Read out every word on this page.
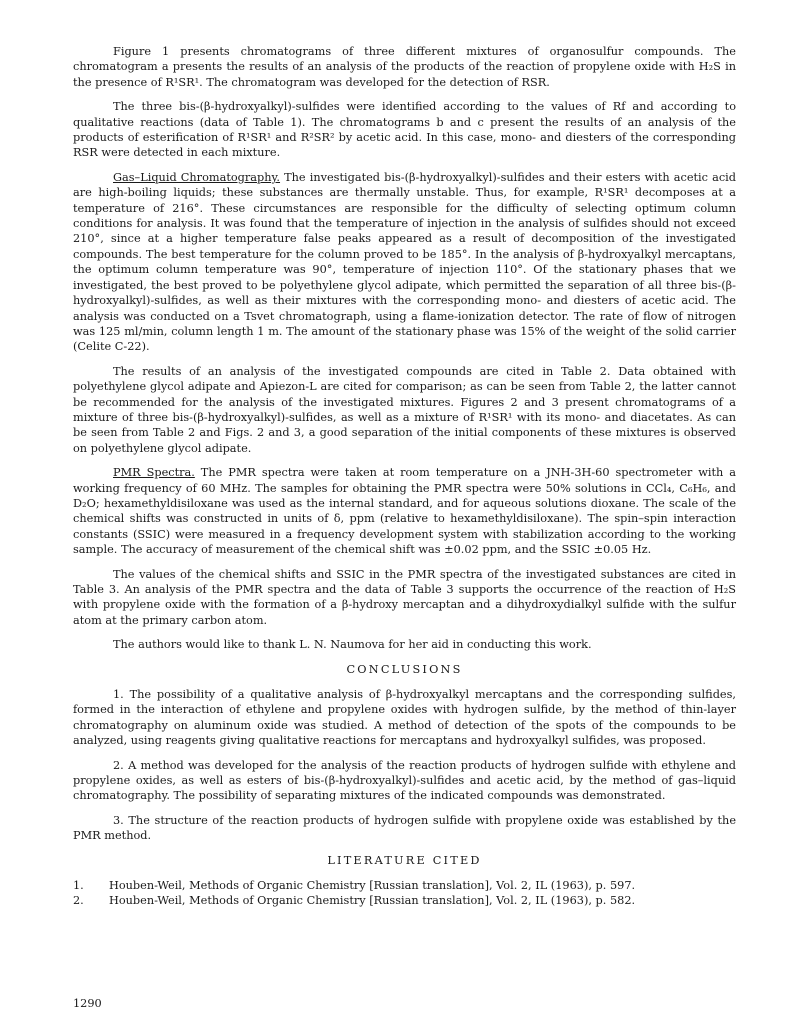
Figure 1 presents chromatograms of three different mixtures of organosulfur compounds. The chromatogram a presents the results of an analysis of the products of the reaction of propylene oxide with H₂S in the presence of R¹SR¹. The chromatogram was developed for the detection of RSR.

The three bis-(β-hydroxyalkyl)-sulfides were identified according to the values of Rf and according to qualitative reactions (data of Table 1). The chromatograms b and c present the results of an analysis of the products of esterification of R¹SR¹ and R²SR² by acetic acid. In this case, mono- and diesters of the corresponding RSR were detected in each mixture.

Gas–Liquid Chromatography. The investigated bis-(β-hydroxyalkyl)-sulfides and their esters with acetic acid are high-boiling liquids; these substances are thermally unstable. Thus, for example, R¹SR¹ decomposes at a temperature of 216°. These circumstances are responsible for the difficulty of selecting optimum column conditions for analysis. It was found that the temperature of injection in the analysis of sulfides should not exceed 210°, since at a higher temperature false peaks appeared as a result of decomposition of the investigated compounds. The best temperature for the column proved to be 185°. In the analysis of β-hydroxyalkyl mercaptans, the optimum column temperature was 90°, temperature of injection 110°. Of the stationary phases that we investigated, the best proved to be polyethylene glycol adipate, which permitted the separation of all three bis-(β-hydroxyalkyl)-sulfides, as well as their mixtures with the corresponding mono- and diesters of acetic acid. The analysis was conducted on a Tsvet chromatograph, using a flame-ionization detector. The rate of flow of nitrogen was 125 ml/min, column length 1 m. The amount of the stationary phase was 15% of the weight of the solid carrier (Celite C-22).

The results of an analysis of the investigated compounds are cited in Table 2. Data obtained with polyethylene glycol adipate and Apiezon-L are cited for comparison; as can be seen from Table 2, the latter cannot be recommended for the analysis of the investigated mixtures. Figures 2 and 3 present chromatograms of a mixture of three bis-(β-hydroxyalkyl)-sulfides, as well as a mixture of R¹SR¹ with its mono- and diacetates. As can be seen from Table 2 and Figs. 2 and 3, a good separation of the initial components of these mixtures is observed on polyethylene glycol adipate.

PMR Spectra. The PMR spectra were taken at room temperature on a JNH-3H-60 spectrometer with a working frequency of 60 MHz. The samples for obtaining the PMR spectra were 50% solutions in CCl₄, C₆H₆, and D₂O; hexamethyldisiloxane was used as the internal standard, and for aqueous solutions dioxane. The scale of the chemical shifts was constructed in units of δ, ppm (relative to hexamethyldisiloxane). The spin–spin interaction constants (SSIC) were measured in a frequency development system with stabilization according to the working sample. The accuracy of measurement of the chemical shift was ±0.02 ppm, and the SSIC ±0.05 Hz.

The values of the chemical shifts and SSIC in the PMR spectra of the investigated substances are cited in Table 3. An analysis of the PMR spectra and the data of Table 3 supports the occurrence of the reaction of H₂S with propylene oxide with the formation of a β-hydroxy mercaptan and a dihydroxydialkyl sulfide with the sulfur atom at the primary carbon atom.

The authors would like to thank L. N. Naumova for her aid in conducting this work.

CONCLUSIONS

1. The possibility of a qualitative analysis of β-hydroxyalkyl mercaptans and the corresponding sulfides, formed in the interaction of ethylene and propylene oxides with hydrogen sulfide, by the method of thin-layer chromatography on aluminum oxide was studied. A method of detection of the spots of the compounds to be analyzed, using reagents giving qualitative reactions for mercaptans and hydroxyalkyl sulfides, was proposed.

2. A method was developed for the analysis of the reaction products of hydrogen sulfide with ethylene and propylene oxides, as well as esters of bis-(β-hydroxyalkyl)-sulfides and acetic acid, by the method of gas–liquid chromatography. The possibility of separating mixtures of the indicated compounds was demonstrated.

3. The structure of the reaction products of hydrogen sulfide with propylene oxide was established by the PMR method.

LITERATURE CITED
1.	Houben-Weil, Methods of Organic Chemistry [Russian translation], Vol. 2, IL (1963), p. 597.
2.	Houben-Weil, Methods of Organic Chemistry [Russian translation], Vol. 2, IL (1963), p. 582.
1290
